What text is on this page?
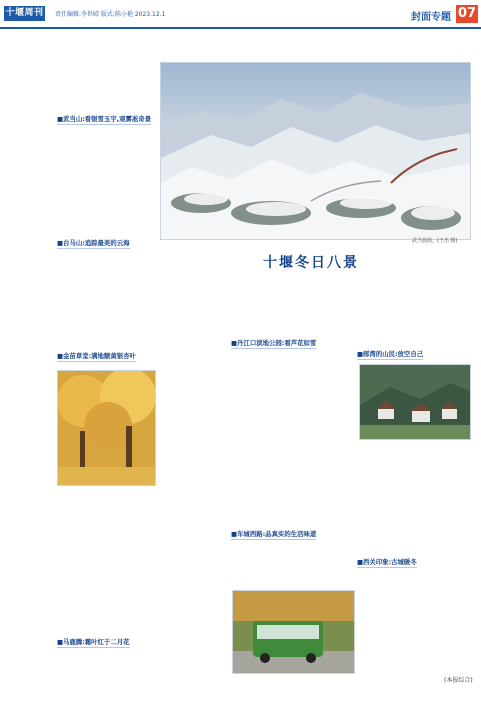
十堰周刊 责任编辑:李世晴 版式:陈小艳 2023.12.1	封面专题 07
武当晨韵。(王杰 摄)
十堰冬日八景
■武当山:看银雪玉宇,观雾凇奇景
■台马山:追踪最美的云海
■金苗草堂:满地额黄银杏叶
■马鹿腾:霜叶红于二月花
■丹江口滨地公园:看芦花如雪
■车城西路:品真实的生活味道
■郧湾的山民:放空自己
■西关印象:古城暖冬
(本报综合)
